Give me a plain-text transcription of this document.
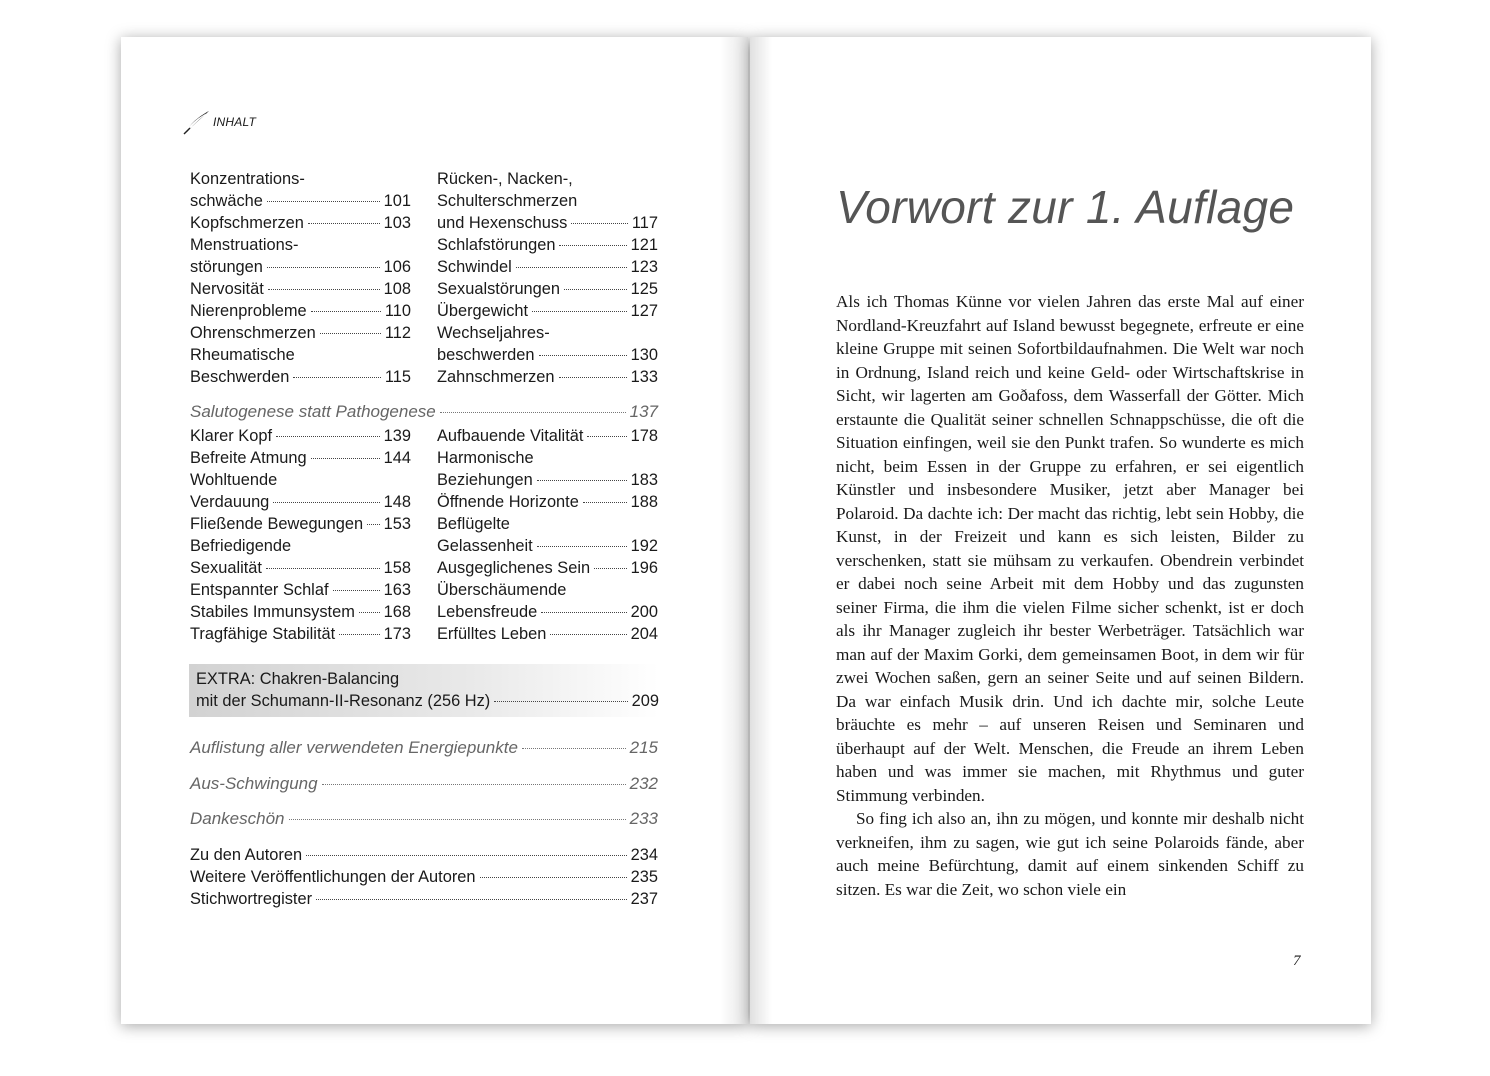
INHALT
Konzentrations-
schwäche	101
Kopfschmerzen	103
Menstruations-
störungen	106
Nervosität	108
Nierenprobleme	110
Ohrenschmerzen	112
Rheumatische
Beschwerden	115
Rücken-, Nacken-,
Schulterschmerzen
und Hexenschuss	117
Schlafstörungen	121
Schwindel	123
Sexualstörungen	125
Übergewicht	127
Wechseljahres-
beschwerden	130
Zahnschmerzen	133
Salutogenese statt Pathogenese	137
Klarer Kopf	139
Befreite Atmung	144
Wohltuende
Verdauung	148
Fließende Bewegungen 153
Befriedigende
Sexualität	158
Entspannter Schlaf	163
Stabiles Immunsystem 168
Tragfähige Stabilität	173
Aufbauende Vitalität	178
Harmonische
Beziehungen	183
Öffnende Horizonte	188
Beflügelte
Gelassenheit	192
Ausgeglichenes Sein 196
Überschäumende
Lebensfreude	200
Erfülltes Leben	204
EXTRA: Chakren-Balancing
mit der Schumann-II-Resonanz (256 Hz)	209
Auflistung aller verwendeten Energiepunkte	215
Aus-Schwingung	232
Dankeschön	233
Zu den Autoren	234
Weitere Veröffentlichungen der Autoren	235
Stichwortregister	237
Vorwort zur 1. Auflage

Als ich Thomas Künne vor vielen Jahren das erste Mal auf einer Nordland-Kreuzfahrt auf Island bewusst begegnete, erfreute er eine kleine Gruppe mit seinen Sofortbildaufnahmen. Die Welt war noch in Ordnung, Island reich und keine Geld- oder Wirtschaftskrise in Sicht, wir lagerten am Goðafoss, dem Wasserfall der Götter. Mich erstaunte die Qualität seiner schnellen Schnappschüsse, die oft die Situation einfingen, weil sie den Punkt trafen. So wunderte es mich nicht, beim Essen in der Gruppe zu erfahren, er sei eigentlich Künstler und insbesondere Musiker, jetzt aber Manager bei Polaroid. Da dachte ich: Der macht das richtig, lebt sein Hobby, die Kunst, in der Freizeit und kann es sich leisten, Bilder zu verschenken, statt sie mühsam zu verkaufen. Obendrein verbindet er dabei noch seine Arbeit mit dem Hobby und das zugunsten seiner Firma, die ihm die vielen Filme sicher schenkt, ist er doch als ihr Manager zugleich ihr bester Werbeträger. Tatsächlich war man auf der Maxim Gorki, dem gemeinsamen Boot, in dem wir für zwei Wochen saßen, gern an seiner Seite und auf seinen Bildern. Da war einfach Musik drin. Und ich dachte mir, solche Leute bräuchte es mehr – auf unseren Reisen und Seminaren und überhaupt auf der Welt. Menschen, die Freude an ihrem Leben haben und was immer sie machen, mit Rhythmus und guter Stimmung verbinden.

So fing ich also an, ihn zu mögen, und konnte mir deshalb nicht verkneifen, ihm zu sagen, wie gut ich seine Polaroids fände, aber auch meine Befürchtung, damit auf einem sinkenden Schiff zu sitzen. Es war die Zeit, wo schon viele ein

7
